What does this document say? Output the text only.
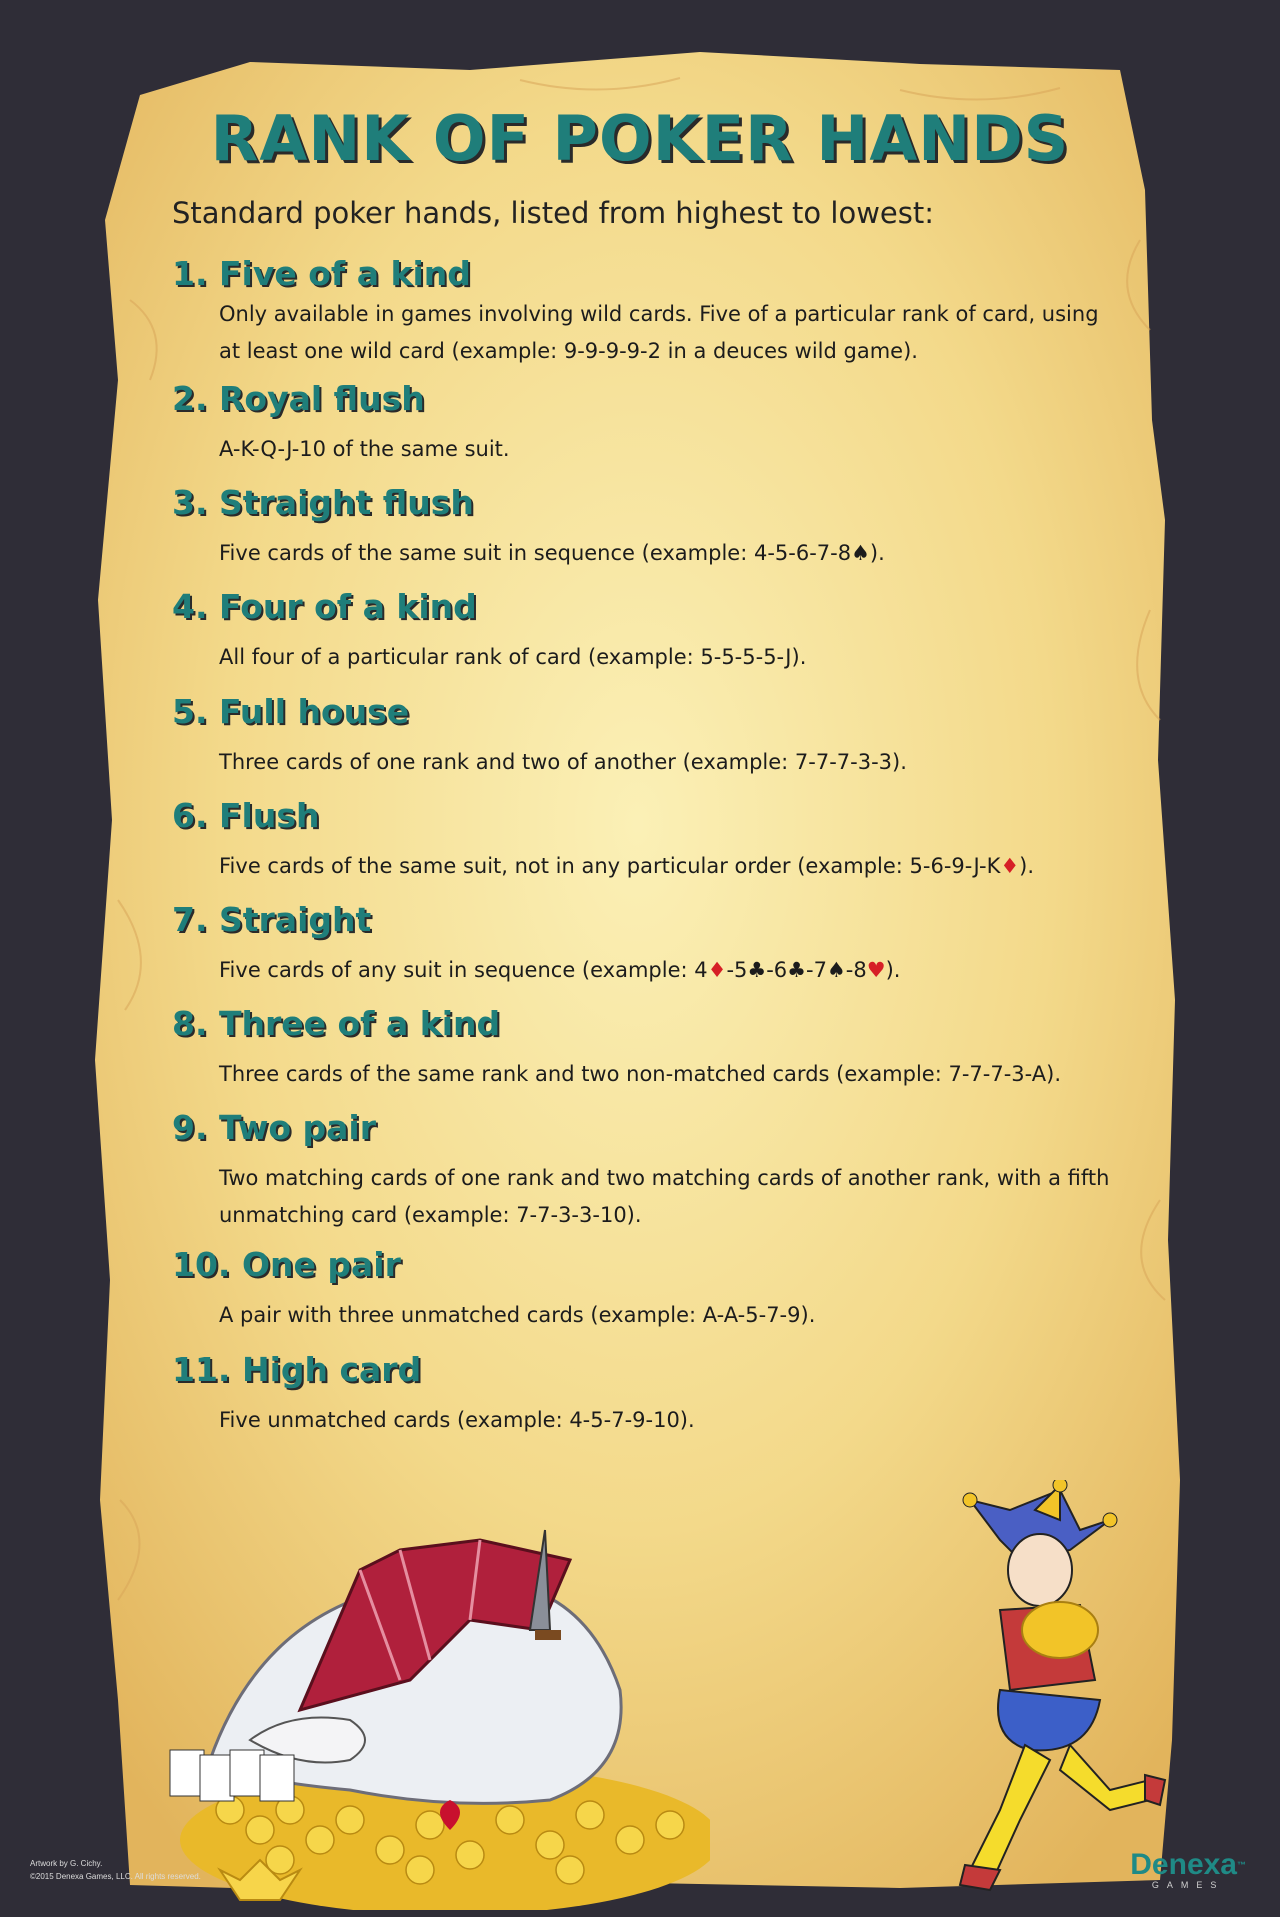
RANK OF POKER HANDS
Standard poker hands, listed from highest to lowest:
1. Five of a kind
Only available in games involving wild cards. Five of a particular rank of card, using at least one wild card (example: 9-9-9-9-2 in a deuces wild game).
2. Royal flush
A-K-Q-J-10 of the same suit.
3. Straight flush
Five cards of the same suit in sequence (example: 4-5-6-7-8♠).
4. Four of a kind
All four of a particular rank of card (example: 5-5-5-5-J).
5. Full house
Three cards of one rank and two of another (example: 7-7-7-3-3).
6. Flush
Five cards of the same suit, not in any particular order (example: 5-6-9-J-K♦).
7. Straight
Five cards of any suit in sequence (example: 4♦-5♣-6♣-7♠-8♥).
8. Three of a kind
Three cards of the same rank and two non-matched cards (example: 7-7-7-3-A).
9. Two pair
Two matching cards of one rank and two matching cards of another rank, with a fifth unmatching card (example: 7-7-3-3-10).
10. One pair
A pair with three unmatched cards (example: A-A-5-7-9).
11. High card
Five unmatched cards (example: 4-5-7-9-10).
Artwork by G. Cichy.
©2015 Denexa Games, LLC. All rights reserved.	Denexa™
GAMES
